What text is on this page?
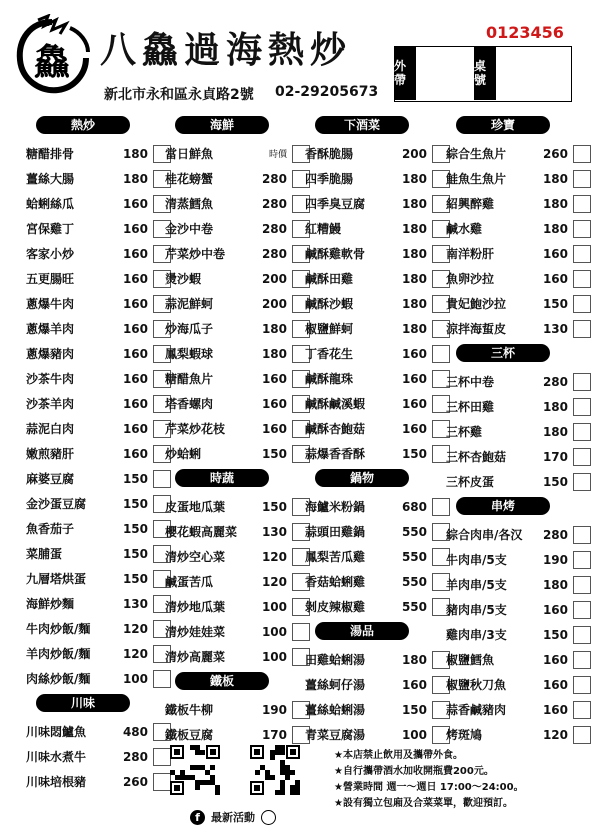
鱻 八鱻過海熱炒
新北市永和區永貞路2號 02-29205673
0123456
外帶
桌號
熱炒
糖醋排骨	180
薑絲大腸	180
蛤蜊絲瓜	160
宮保雞丁	160
客家小炒	160
五更腸旺	160
蔥爆牛肉	160
蔥爆羊肉	160
蔥爆豬肉	160
沙茶牛肉	160
沙茶羊肉	160
蒜泥白肉	160
嫩煎豬肝	160
麻婆豆腐	150
金沙蛋豆腐	150
魚香茄子	150
菜脯蛋	150
九層塔烘蛋	150
海鮮炒麵	130
牛肉炒飯/麵	120
羊肉炒飯/麵	120
肉絲炒飯/麵	100
川味
川味悶鱸魚	480
川味水煮牛	280
川味培根豬	260
海鮮
當日鮮魚	時價
桂花螃蟹	280
清蒸鱈魚	280
金沙中卷	280
芹菜炒中卷	280
燙沙蝦	200
蒜泥鮮蚵	200
炒海瓜子	180
鳳梨蝦球	180
糖醋魚片	160
塔香螺肉	160
芹菜炒花枝	160
炒蛤蜊	150
時蔬
皮蛋地瓜葉	150
櫻花蝦高麗菜	130
清炒空心菜	120
鹹蛋苦瓜	120
清炒地瓜葉	100
清炒娃娃菜	100
清炒高麗菜	100
鐵板
鐵板牛柳	190
鐵板豆腐	170
下酒菜
香酥脆腸	200
四季脆腸	180
四季臭豆腐	180
紅糟鰻	180
鹹酥雞軟骨	180
鹹酥田雞	180
鹹酥沙蝦	180
椒鹽鮮蚵	180
丁香花生	160
鹹酥龍珠	160
鹹酥鹹溪蝦	160
鹹酥杏鮑菇	160
蒜爆香香酥	150
鍋物
海鱸米粉鍋	680
蒜頭田雞鍋	550
鳳梨苦瓜雞	550
香菇蛤蜊雞	550
剝皮辣椒雞	550
湯品
田雞蛤蜊湯	180
薑絲蚵仔湯	160
薑絲蛤蜊湯	150
青菜豆腐湯	100
珍寶
綜合生魚片	260
鮭魚生魚片	180
紹興醉雞	180
鹹水雞	180
南洋粉肝	160
魚卵沙拉	160
貴妃鮑沙拉	150
涼拌海蜇皮	130
三杯
三杯中卷	280
三杯田雞	180
三杯雞	180
三杯杏鮑菇	170
三杯皮蛋	150
串烤
綜合肉串/各汉	280
牛肉串/5支	190
羊肉串/5支	180
豬肉串/5支	160
雞肉串/3支	150
椒鹽鱈魚	160
椒鹽秋刀魚	160
蒜香鹹豬肉	160
烤斑鳩	120
★本店禁止飲用及攜帶外食。
★自行攜帶酒水加收開瓶費200元。
★營業時間 週一～週日 17:00～24:00。
★設有獨立包廂及合菜菜單，歡迎預訂。
f	最新活動
